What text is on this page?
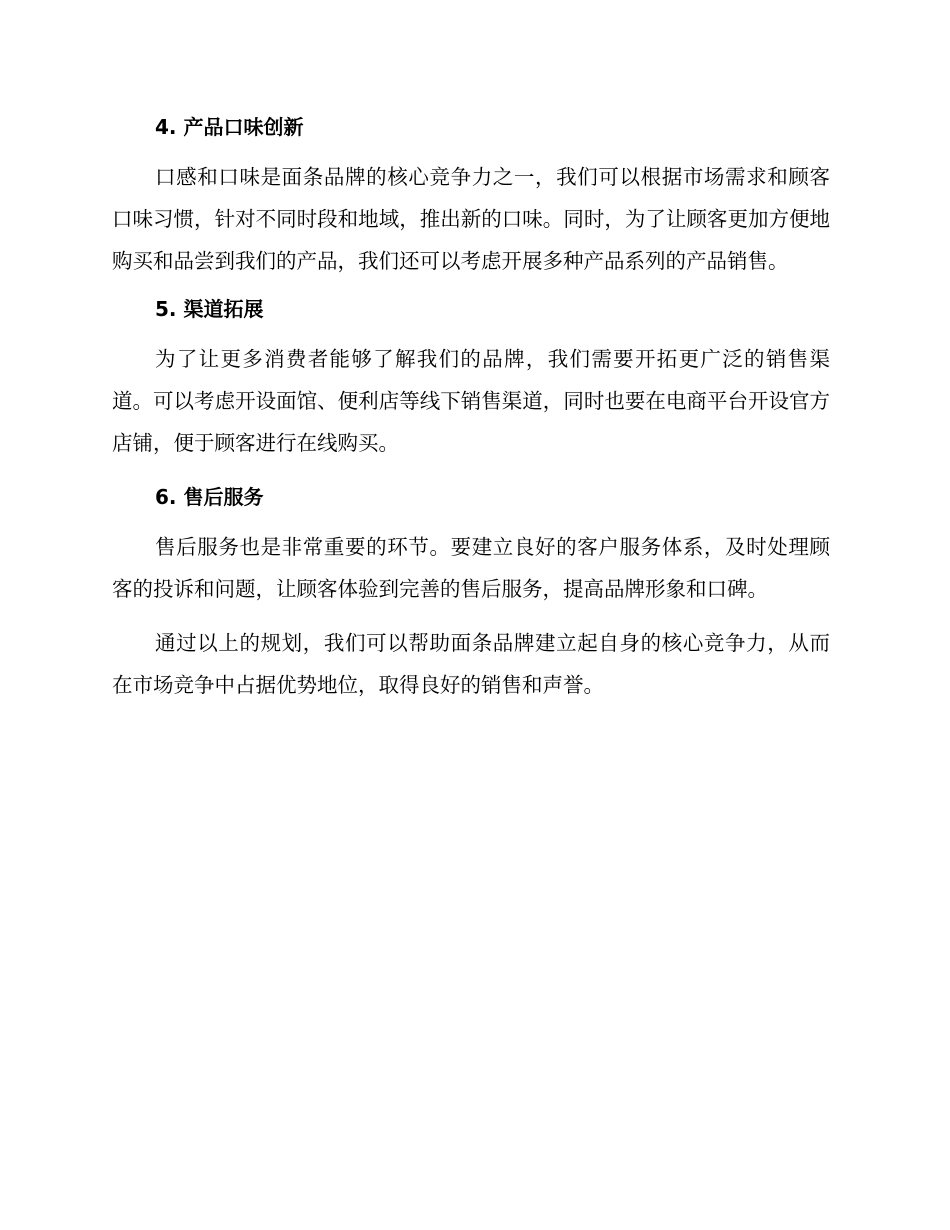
4. 产品口味创新

口感和口味是面条品牌的核心竞争力之一，我们可以根据市场需求和顾客口味习惯，针对不同时段和地域，推出新的口味。同时，为了让顾客更加方便地购买和品尝到我们的产品，我们还可以考虑开展多种产品系列的产品销售。

5. 渠道拓展

为了让更多消费者能够了解我们的品牌，我们需要开拓更广泛的销售渠道。可以考虑开设面馆、便利店等线下销售渠道，同时也要在电商平台开设官方店铺，便于顾客进行在线购买。

6. 售后服务

售后服务也是非常重要的环节。要建立良好的客户服务体系，及时处理顾客的投诉和问题，让顾客体验到完善的售后服务，提高品牌形象和口碑。

通过以上的规划，我们可以帮助面条品牌建立起自身的核心竞争力，从而在市场竞争中占据优势地位，取得良好的销售和声誉。
